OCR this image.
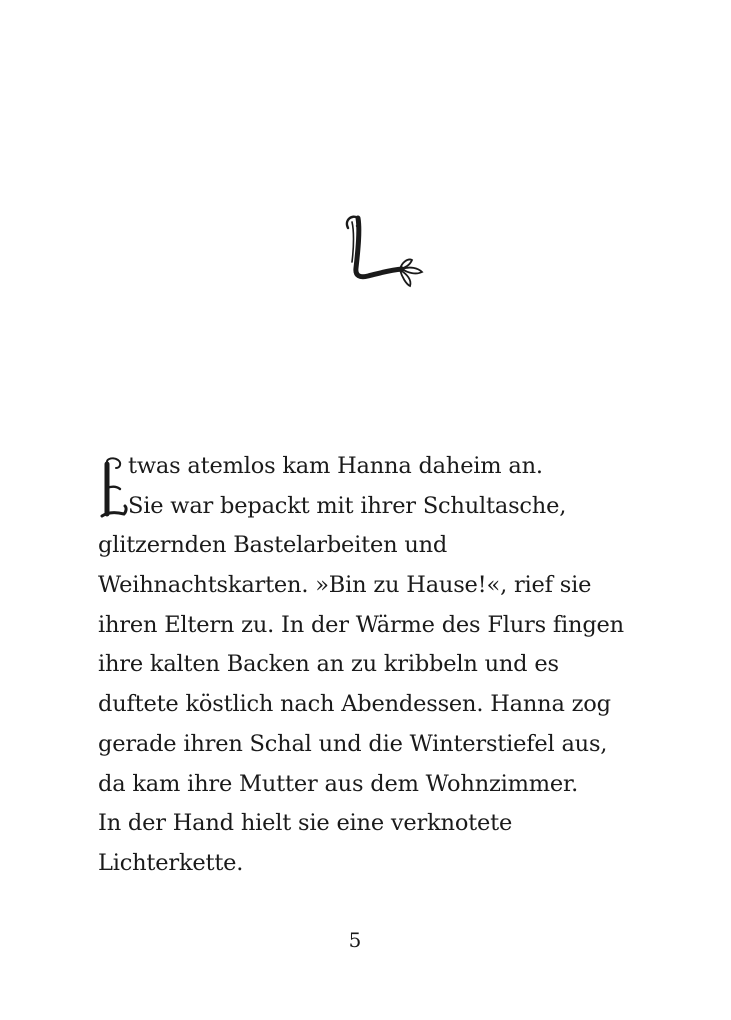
twas atemlos kam Hanna daheim an.
Sie war bepackt mit ihrer Schultasche,
glitzernden Bastelarbeiten und
Weihnachtskarten. »Bin zu Hause!«, rief sie
ihren Eltern zu. In der Wärme des Flurs fingen
ihre kalten Backen an zu kribbeln und es
duftete köstlich nach Abendessen. Hanna zog
gerade ihren Schal und die Winterstiefel aus,
da kam ihre Mutter aus dem Wohnzimmer.
In der Hand hielt sie eine verknotete
Lichterkette.
5
